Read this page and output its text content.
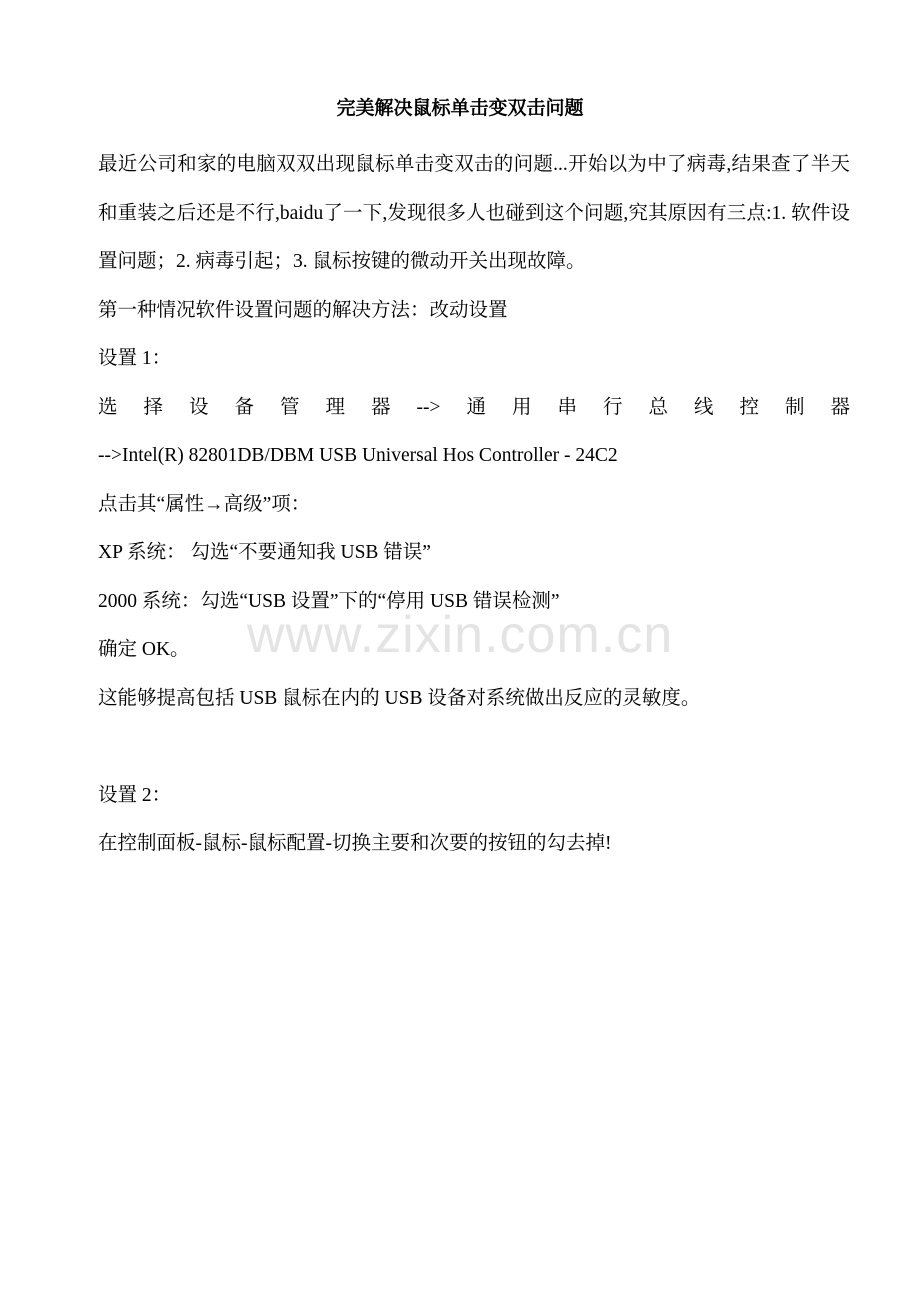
www.zixin.com.cn
完美解决鼠标单击变双击问题

最近公司和家的电脑双双出现鼠标单击变双击的问题...开始以为中了病毒,结果查了半天和重装之后还是不行,baidu了一下,发现很多人也碰到这个问题,究其原因有三点:1. 软件设置问题；2. 病毒引起；3. 鼠标按键的微动开关出现故障。

第一种情况软件设置问题的解决方法：改动设置

设置 1：

选 择 设 备 管 理 器 --> 通 用 串 行 总 线 控 制 器

-->Intel(R) 82801DB/DBM USB Universal Hos Controller - 24C2

点击其“属性→高级”项：

XP 系统： 勾选“不要通知我 USB 错误”

2000 系统：勾选“USB 设置”下的“停用 USB 错误检测”

确定 OK。

这能够提高包括 USB 鼠标在内的 USB 设备对系统做出反应的灵敏度。

设置 2：

在控制面板-鼠标-鼠标配置-切换主要和次要的按钮的勾去掉!
